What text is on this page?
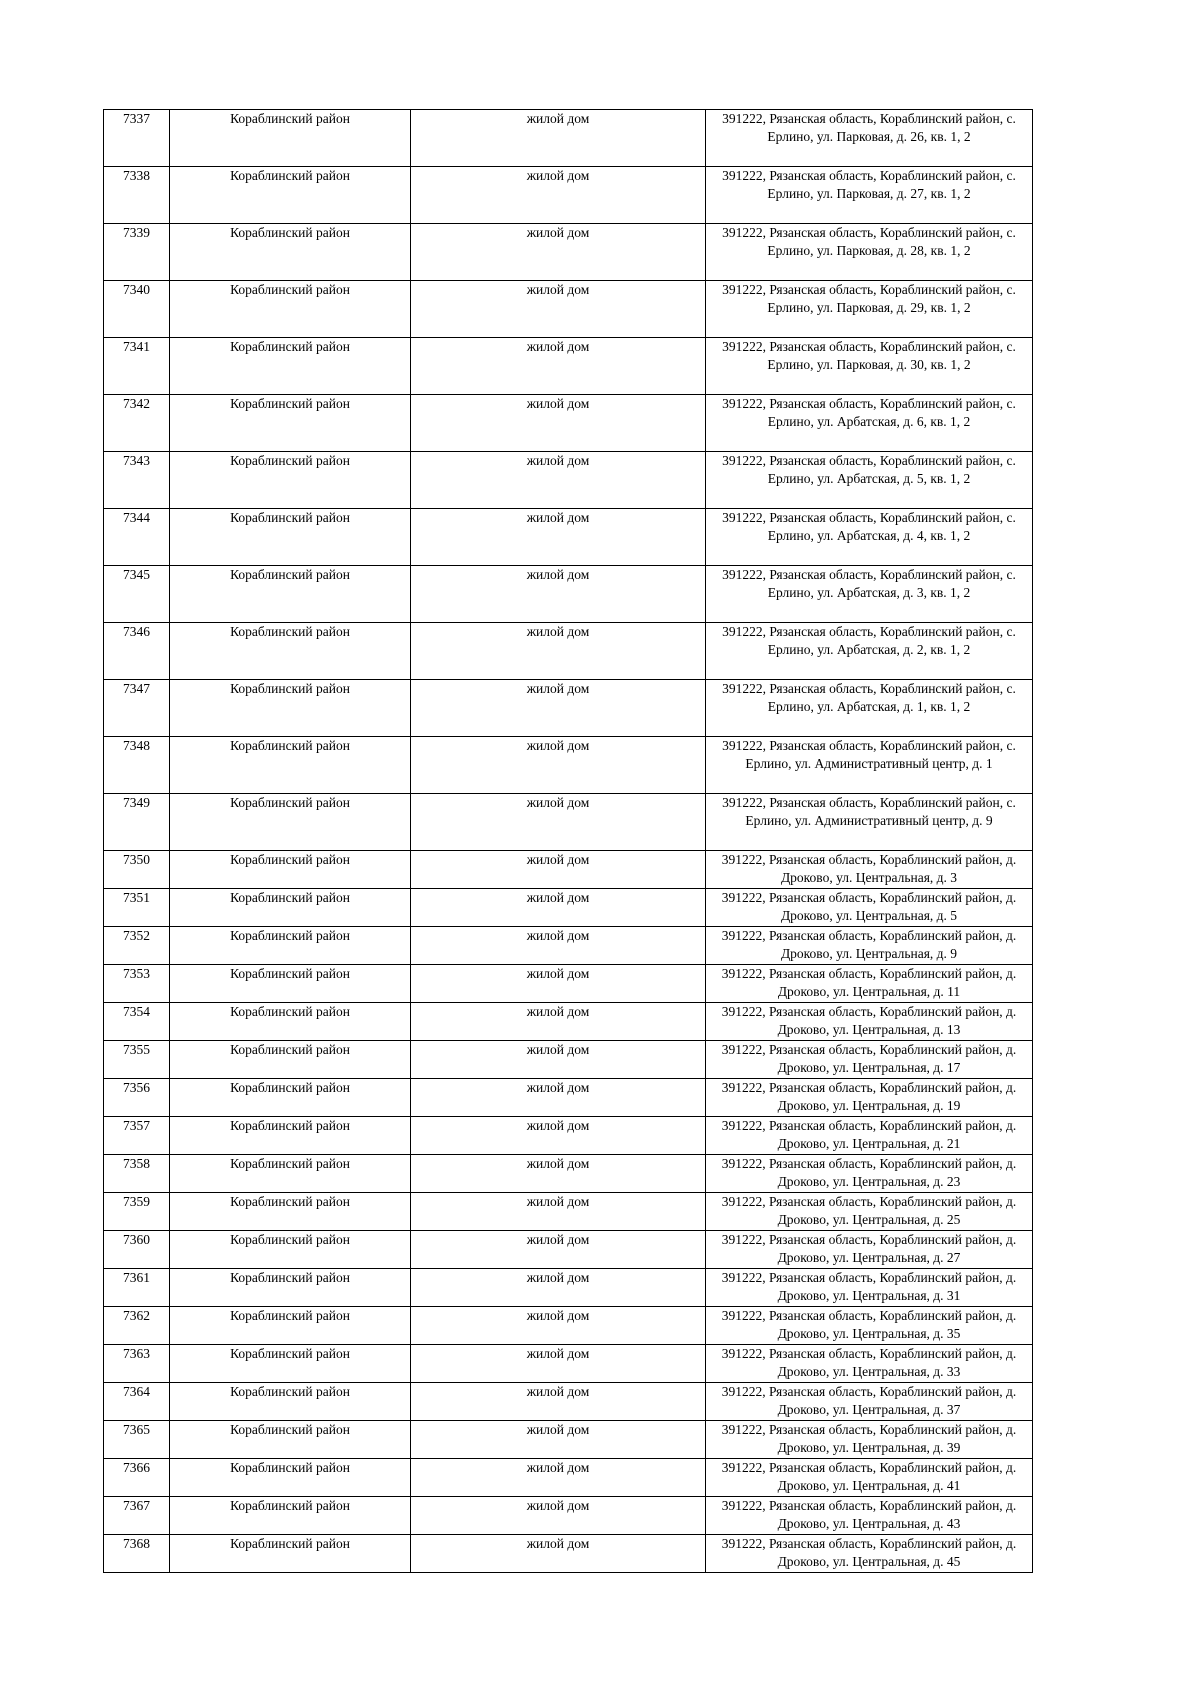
7337	Кораблинский район	жилой дом	391222, Рязанская область, Кораблинский район, с. Ерлино, ул. Парковая, д. 26, кв. 1, 2
7338	Кораблинский район	жилой дом	391222, Рязанская область, Кораблинский район, с. Ерлино, ул. Парковая, д. 27, кв. 1, 2
7339	Кораблинский район	жилой дом	391222, Рязанская область, Кораблинский район, с. Ерлино, ул. Парковая, д. 28, кв. 1, 2
7340	Кораблинский район	жилой дом	391222, Рязанская область, Кораблинский район, с. Ерлино, ул. Парковая, д. 29, кв. 1, 2
7341	Кораблинский район	жилой дом	391222, Рязанская область, Кораблинский район, с. Ерлино, ул. Парковая, д. 30, кв. 1, 2
7342	Кораблинский район	жилой дом	391222, Рязанская область, Кораблинский район, с. Ерлино, ул. Арбатская, д. 6, кв. 1, 2
7343	Кораблинский район	жилой дом	391222, Рязанская область, Кораблинский район, с. Ерлино, ул. Арбатская, д. 5, кв. 1, 2
7344	Кораблинский район	жилой дом	391222, Рязанская область, Кораблинский район, с. Ерлино, ул. Арбатская, д. 4, кв. 1, 2
7345	Кораблинский район	жилой дом	391222, Рязанская область, Кораблинский район, с. Ерлино, ул. Арбатская, д. 3, кв. 1, 2
7346	Кораблинский район	жилой дом	391222, Рязанская область, Кораблинский район, с. Ерлино, ул. Арбатская, д. 2, кв. 1, 2
7347	Кораблинский район	жилой дом	391222, Рязанская область, Кораблинский район, с. Ерлино, ул. Арбатская, д. 1, кв. 1, 2
7348	Кораблинский район	жилой дом	391222, Рязанская область, Кораблинский район, с. Ерлино, ул. Административный центр, д. 1
7349	Кораблинский район	жилой дом	391222, Рязанская область, Кораблинский район, с. Ерлино, ул. Административный центр, д. 9
7350	Кораблинский район	жилой дом	391222, Рязанская область, Кораблинский район, д. Дроково, ул. Центральная, д. 3
7351	Кораблинский район	жилой дом	391222, Рязанская область, Кораблинский район, д. Дроково, ул. Центральная, д. 5
7352	Кораблинский район	жилой дом	391222, Рязанская область, Кораблинский район, д. Дроково, ул. Центральная, д. 9
7353	Кораблинский район	жилой дом	391222, Рязанская область, Кораблинский район, д. Дроково, ул. Центральная, д. 11
7354	Кораблинский район	жилой дом	391222, Рязанская область, Кораблинский район, д. Дроково, ул. Центральная, д. 13
7355	Кораблинский район	жилой дом	391222, Рязанская область, Кораблинский район, д. Дроково, ул. Центральная, д. 17
7356	Кораблинский район	жилой дом	391222, Рязанская область, Кораблинский район, д. Дроково, ул. Центральная, д. 19
7357	Кораблинский район	жилой дом	391222, Рязанская область, Кораблинский район, д. Дроково, ул. Центральная, д. 21
7358	Кораблинский район	жилой дом	391222, Рязанская область, Кораблинский район, д. Дроково, ул. Центральная, д. 23
7359	Кораблинский район	жилой дом	391222, Рязанская область, Кораблинский район, д. Дроково, ул. Центральная, д. 25
7360	Кораблинский район	жилой дом	391222, Рязанская область, Кораблинский район, д. Дроково, ул. Центральная, д. 27
7361	Кораблинский район	жилой дом	391222, Рязанская область, Кораблинский район, д. Дроково, ул. Центральная, д. 31
7362	Кораблинский район	жилой дом	391222, Рязанская область, Кораблинский район, д. Дроково, ул. Центральная, д. 35
7363	Кораблинский район	жилой дом	391222, Рязанская область, Кораблинский район, д. Дроково, ул. Центральная, д. 33
7364	Кораблинский район	жилой дом	391222, Рязанская область, Кораблинский район, д. Дроково, ул. Центральная, д. 37
7365	Кораблинский район	жилой дом	391222, Рязанская область, Кораблинский район, д. Дроково, ул. Центральная, д. 39
7366	Кораблинский район	жилой дом	391222, Рязанская область, Кораблинский район, д. Дроково, ул. Центральная, д. 41
7367	Кораблинский район	жилой дом	391222, Рязанская область, Кораблинский район, д. Дроково, ул. Центральная, д. 43
7368	Кораблинский район	жилой дом	391222, Рязанская область, Кораблинский район, д. Дроково, ул. Центральная, д. 45
